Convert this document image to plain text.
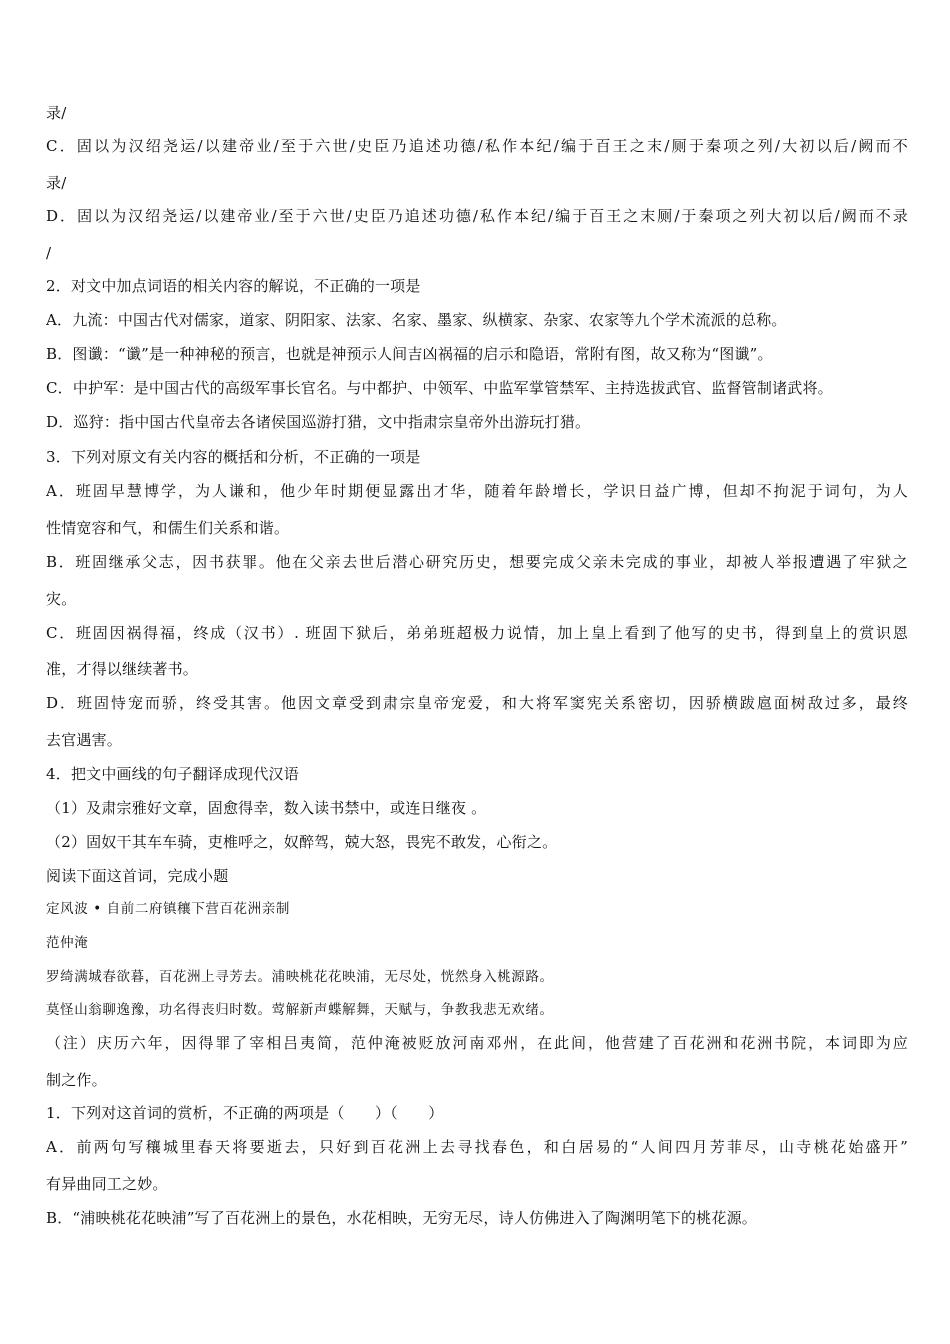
录/
C．固以为汉绍尧运/以建帝业/至于六世/史臣乃追述功德/私作本纪/编于百王之末/厕于秦项之列/大初以后/阙而不
录/
D．固以为汉绍尧运/以建帝业/至于六世/史臣乃追述功德/私作本纪/编于百王之末厕/于秦项之列大初以后/阙而不录
/
2．对文中加点词语的相关内容的解说，不正确的一项是
A．九流：中国古代对儒家，道家、阴阳家、法家、名家、墨家、纵横家、杂家、农家等九个学术流派的总称。
B．图谶：“谶”是一种神秘的预言，也就是神预示人间吉凶祸福的启示和隐语，常附有图，故又称为“图谶”。
C．中护军：是中国古代的高级军事长官名。与中都护、中领军、中监军掌管禁军、主持选拔武官、监督管制诸武将。
D．巡狩：指中国古代皇帝去各诸侯国巡游打猎，文中指肃宗皇帝外出游玩打猎。
3．下列对原文有关内容的概括和分析，不正确的一项是
A．班固早慧博学，为人谦和，他少年时期便显露出才华，随着年龄增长，学识日益广博，但却不拘泥于词句，为人
性情宽容和气，和儒生们关系和谐。
B．班固继承父志，因书获罪。他在父亲去世后潜心研究历史，想要完成父亲未完成的事业，却被人举报遭遇了牢狱之
灾。
C．班固因祸得福，终成（汉书）. 班固下狱后，弟弟班超极力说情，加上皇上看到了他写的史书，得到皇上的赏识恩
准，才得以继续著书。
D．班固恃宠而骄，终受其害。他因文章受到肃宗皇帝宠爱，和大将军窦宪关系密切，因骄横跋扈面树敌过多，最终
去官遇害。
4．把文中画线的句子翻译成现代汉语
（1）及肃宗雅好文章，固愈得幸，数入读书禁中，或连日继夜 。
（2）固奴干其车车骑，吏椎呼之，奴醉驾，兢大怒，畏宪不敢发，心衔之。
阅读下面这首词，完成小题
定风波 • 自前二府镇穰下营百花洲亲制
范仲淹
罗绮满城春欲暮，百花洲上寻芳去。浦映桃花花映浦，无尽处，恍然身入桃源路。
莫怪山翁聊逸豫，功名得丧归时数。莺解新声蝶解舞，天赋与，争教我悲无欢绪。
（注）庆历六年，因得罪了宰相吕夷简，范仲淹被贬放河南邓州，在此间，他营建了百花洲和花洲书院，本词即为应
制之作。
1．下列对这首词的赏析，不正确的两项是（　　）（　　）
A．前两句写穰城里春天将要逝去，只好到百花洲上去寻找春色，和白居易的“人间四月芳菲尽，山寺桃花始盛开”
有异曲同工之妙。
B．“浦映桃花花映浦”写了百花洲上的景色，水花相映，无穷无尽，诗人仿佛进入了陶渊明笔下的桃花源。
